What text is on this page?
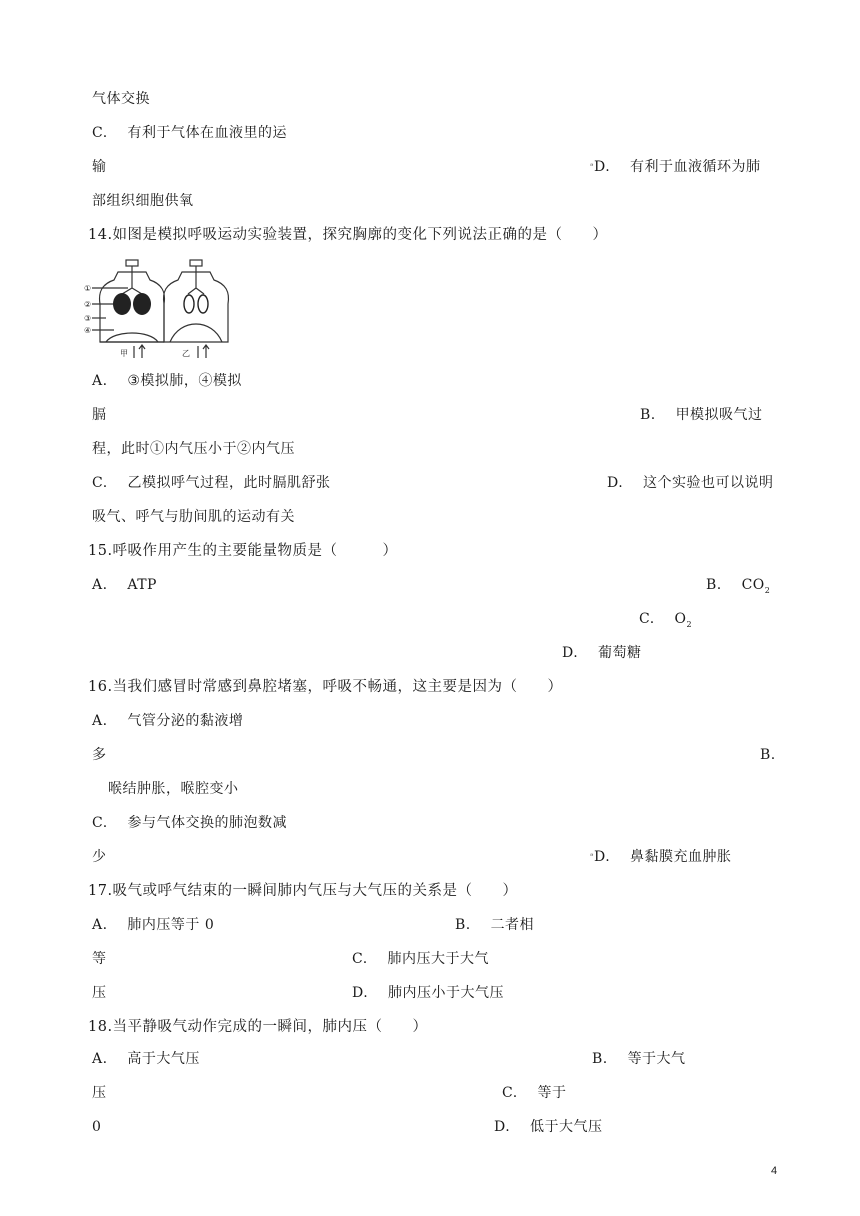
气体交换
C. 有利于气体在血液里的运
输	$^ᵊ$D. 有利于血液循环为肺
部组织细胞供氧
14.如图是模拟呼吸运动实验装置，探究胸廓的变化下列说法正确的是（　　）
①
②
③
④
甲	乙
A. ③模拟肺，④模拟
膈	B. 甲模拟吸气过
程，此时①内气压小于②内气压
C. 乙模拟呼气过程，此时膈肌舒张	D. 这个实验也可以说明
吸气、呼气与肋间肌的运动有关
15.呼吸作用产生的主要能量物质是（　　　）
A. ATP	B. $CO_2$
C. $O_2$
D. 葡萄糖
16.当我们感冒时常感到鼻腔堵塞，呼吸不畅通，这主要是因为（　　）
A. 气管分泌的黏液增
多	B.
喉结肿胀，喉腔变小
C. 参与气体交换的肺泡数减
少	$^ᵊ$D. 鼻黏膜充血肿胀
17.吸气或呼气结束的一瞬间肺内气压与大气压的关系是（　　）
A. 肺内压等于 0	B. 二者相
等	C. 肺内压大于大气
压	D. 肺内压小于大气压
18.当平静吸气动作完成的一瞬间，肺内压（　　）
A. 高于大气压	B. 等于大气
压	C. 等于
0	D. 低于大气压
4
